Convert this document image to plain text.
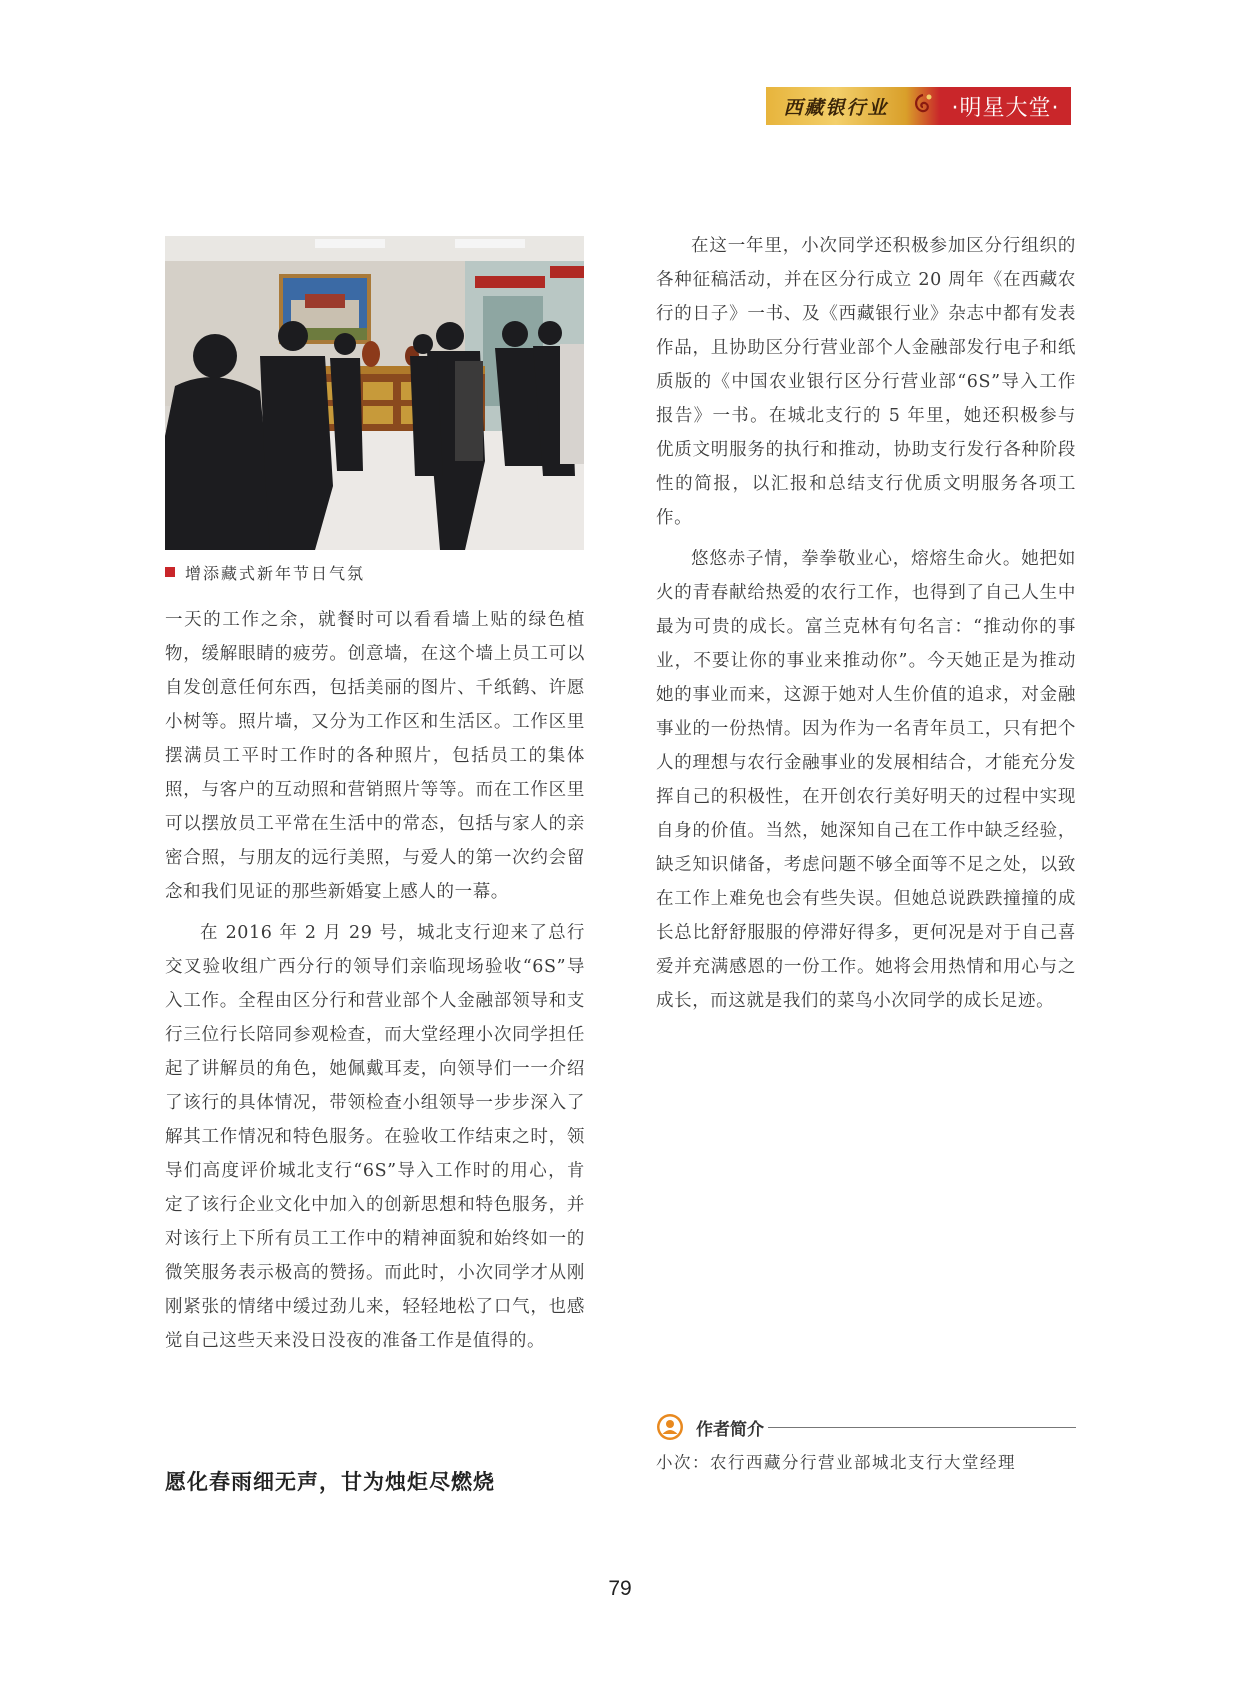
西藏银行业	·明星大堂·
增添藏式新年节日气氛

一天的工作之余，就餐时可以看看墙上贴的绿色植物，缓解眼睛的疲劳。创意墙，在这个墙上员工可以自发创意任何东西，包括美丽的图片、千纸鹤、许愿小树等。照片墙，又分为工作区和生活区。工作区里摆满员工平时工作时的各种照片，包括员工的集体照，与客户的互动照和营销照片等等。而在工作区里可以摆放员工平常在生活中的常态，包括与家人的亲密合照，与朋友的远行美照，与爱人的第一次约会留念和我们见证的那些新婚宴上感人的一幕。

在 2016 年 2 月 29 号，城北支行迎来了总行交叉验收组广西分行的领导们亲临现场验收“6S”导入工作。全程由区分行和营业部个人金融部领导和支行三位行长陪同参观检查，而大堂经理小次同学担任起了讲解员的角色，她佩戴耳麦，向领导们一一介绍了该行的具体情况，带领检查小组领导一步步深入了解其工作情况和特色服务。在验收工作结束之时，领导们高度评价城北支行“6S”导入工作时的用心，肯定了该行企业文化中加入的创新思想和特色服务，并对该行上下所有员工工作中的精神面貌和始终如一的微笑服务表示极高的赞扬。而此时，小次同学才从刚刚紧张的情绪中缓过劲儿来，轻轻地松了口气，也感觉自己这些天来没日没夜的准备工作是值得的。

愿化春雨细无声，甘为烛炬尽燃烧

在这一年里，小次同学还积极参加区分行组织的各种征稿活动，并在区分行成立 20 周年《在西藏农行的日子》一书、及《西藏银行业》杂志中都有发表作品，且协助区分行营业部个人金融部发行电子和纸质版的《中国农业银行区分行营业部“6S”导入工作报告》一书。在城北支行的 5 年里，她还积极参与优质文明服务的执行和推动，协助支行发行各种阶段性的简报，以汇报和总结支行优质文明服务各项工作。

悠悠赤子情，拳拳敬业心，熔熔生命火。她把如火的青春献给热爱的农行工作，也得到了自己人生中最为可贵的成长。富兰克林有句名言：“推动你的事业，不要让你的事业来推动你”。今天她正是为推动她的事业而来，这源于她对人生价值的追求，对金融事业的一份热情。因为作为一名青年员工，只有把个人的理想与农行金融事业的发展相结合，才能充分发挥自己的积极性，在开创农行美好明天的过程中实现自身的价值。当然，她深知自己在工作中缺乏经验，缺乏知识储备，考虑问题不够全面等不足之处，以致在工作上难免也会有些失误。但她总说跌跌撞撞的成长总比舒舒服服的停滞好得多，更何况是对于自己喜爱并充满感恩的一份工作。她将会用热情和用心与之成长，而这就是我们的菜鸟小次同学的成长足迹。

作者简介
小次：农行西藏分行营业部城北支行大堂经理
79
